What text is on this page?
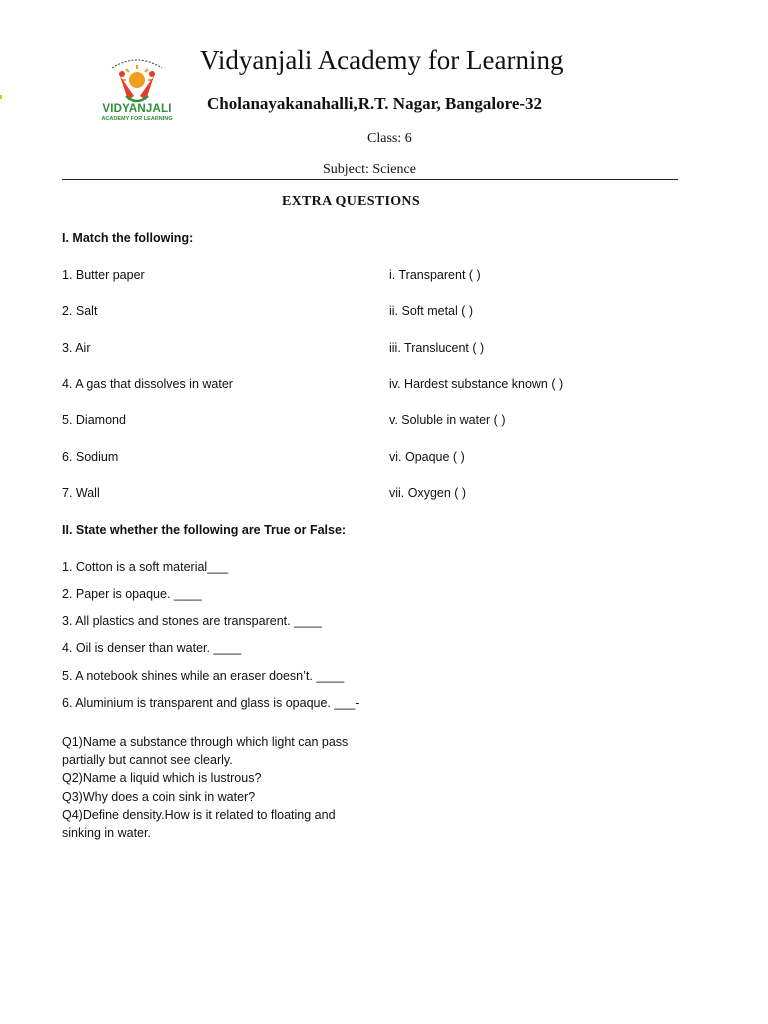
VIDYANJALI
ACADEMY FOR LEARNING
Vidyanjali Academy for Learning
Cholanayakanahalli,R.T. Nagar, Bangalore-32
Class: 6
Subject: Science
EXTRA QUESTIONS
I. Match the following:
1. Butter paper	i. Transparent ( )
2. Salt	ii. Soft metal ( )
3. Air	iii. Translucent ( )
4. A gas that dissolves in water	iv. Hardest substance known ( )
5. Diamond	v. Soluble in water ( )
6. Sodium	vi. Opaque ( )
7. Wall	vii. Oxygen ( )
II. State whether the following are True or False:
1. Cotton is a soft material___
2. Paper is opaque. ____
3. All plastics and stones are transparent. ____
4. Oil is denser than water. ____
5. A notebook shines while an eraser doesn’t. ____
6. Aluminium is transparent and glass is opaque. ___-
Q1)Name a substance through which light can pass
partially but cannot see clearly.
Q2)Name a liquid which is lustrous?
Q3)Why does a coin sink in water?
Q4)Define density.How is it related to floating and
sinking in water.
